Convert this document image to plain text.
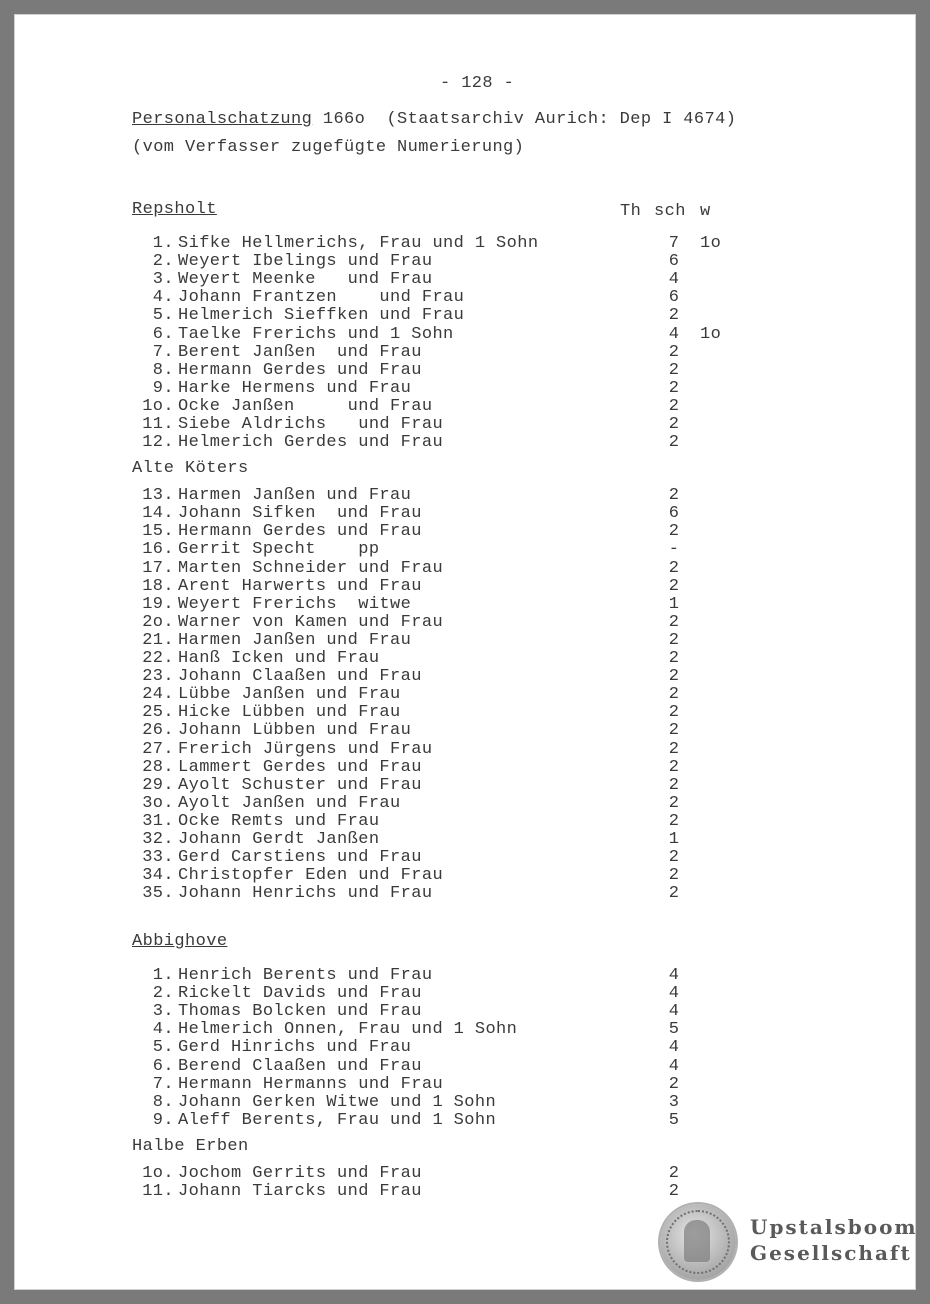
- 128 -
Personalschatzung 166o  (Staatsarchiv Aurich: Dep I 4674)
(vom Verfasser zugefügte Numerierung)
Th sch w
Repsholt
1. Sifke Hellmerichs, Frau und 1 Sohn	7 1o
2. Weyert Ibelings und Frau	6
3. Weyert Meenke   und Frau	4
4. Johann Frantzen    und Frau	6
5. Helmerich Sieffken und Frau	2
6. Taelke Frerichs und 1 Sohn	4 1o
7. Berent Janßen  und Frau	2
8. Hermann Gerdes und Frau	2
9. Harke Hermens und Frau	2
1o. Ocke Janßen     und Frau	2
11. Siebe Aldrichs   und Frau	2
12. Helmerich Gerdes und Frau	2
Alte Köters
13. Harmen Janßen und Frau	2
14. Johann Sifken  und Frau	6
15. Hermann Gerdes und Frau	2
16. Gerrit Specht    pp	-
17. Marten Schneider und Frau	2
18. Arent Harwerts und Frau	2
19. Weyert Frerichs  witwe	1
2o. Warner von Kamen und Frau	2
21. Harmen Janßen und Frau	2
22. Hanß Icken und Frau	2
23. Johann Claaßen und Frau	2
24. Lübbe Janßen und Frau	2
25. Hicke Lübben und Frau	2
26. Johann Lübben und Frau	2
27. Frerich Jürgens und Frau	2
28. Lammert Gerdes und Frau	2
29. Ayolt Schuster und Frau	2
3o. Ayolt Janßen und Frau	2
31. Ocke Remts und Frau	2
32. Johann Gerdt Janßen	1
33. Gerd Carstiens und Frau	2
34. Christopfer Eden und Frau	2
35. Johann Henrichs und Frau	2
Abbighove
1. Henrich Berents und Frau	4
2. Rickelt Davids und Frau	4
3. Thomas Bolcken und Frau	4
4. Helmerich Onnen, Frau und 1 Sohn	5
5. Gerd Hinrichs und Frau	4
6. Berend Claaßen und Frau	4
7. Hermann Hermanns und Frau	2
8. Johann Gerken Witwe und 1 Sohn	3
9. Aleff Berents, Frau und 1 Sohn	5
Halbe Erben
1o. Jochom Gerrits und Frau	2
11. Johann Tiarcks und Frau	2
Upstalsboom
Gesellschaft
